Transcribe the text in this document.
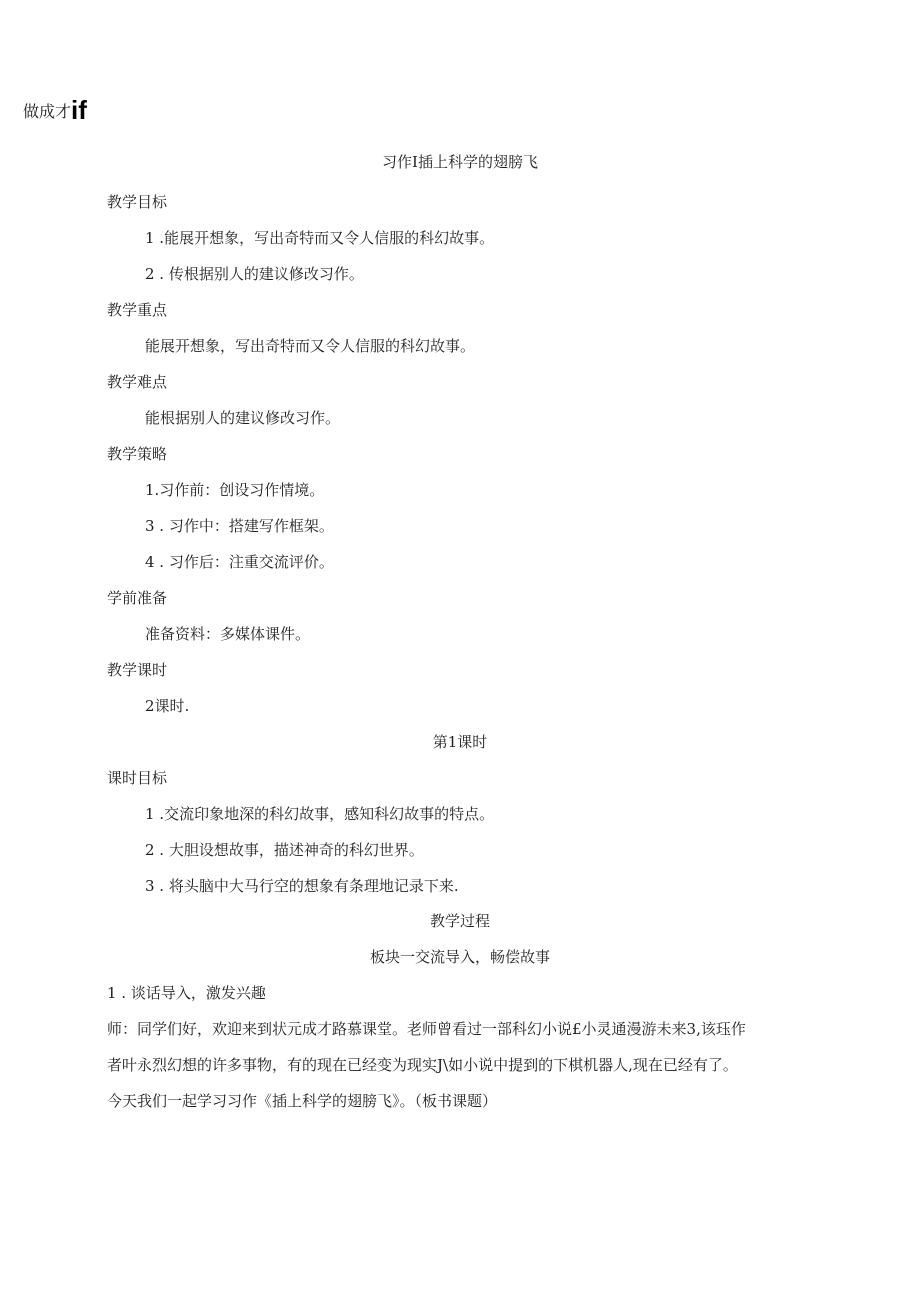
做成才if
习作I插上科学的翅膀飞
教学目标
1 .能展开想象，写出奇特而又令人信服的科幻故事。
2 . 传根据别人的建议修改习作。
教学重点
能展开想象，写出奇特而又令人信服的科幻故事。
教学难点
能根据别人的建议修改习作。
教学策略
1.习作前：创设习作情境。
3 . 习作中：搭建写作框架。
4 . 习作后：注重交流评价。
学前准备
准备资料：多媒体课件。
教学课时
2课时.
第1课时
课时目标
1 .交流印象地深的科幻故事，感知科幻故事的特点。
2 . 大胆设想故事，描述神奇的科幻世界。
3 . 将头脑中大马行空的想象有条理地记录下来.
教学过程
板块一交流导入，畅偿故事
1 . 谈话导入，激发兴趣
师：同学们好，欢迎来到状元成才路慕课堂。老师曾看过一部科幻小说£小灵通漫游未来3,该珏作
者叶永烈幻想的许多事物，有的现在已经变为现实J\如小说中提到的下棋机器人,现在已经有了。
今天我们一起学习习作《插上科学的翅膀飞》。（板书课题）
